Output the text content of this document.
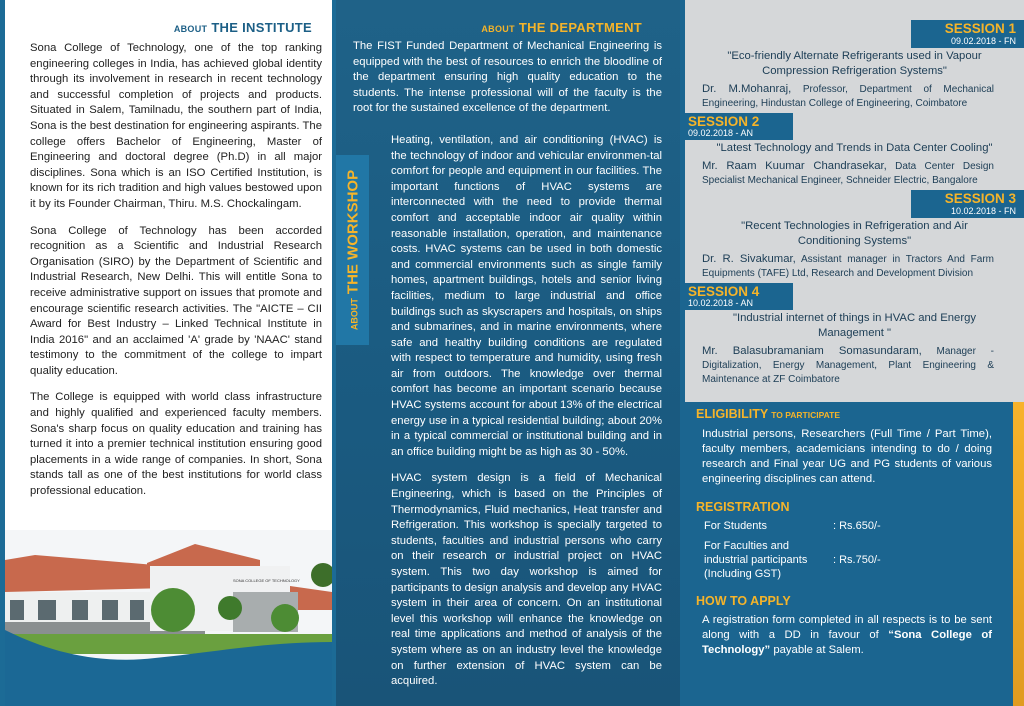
SONA COLLEGE OF TECHNOLOGY
ABOUT THE INSTITUTE

Sona College of Technology, one of the top ranking engineering colleges in India, has achieved global identity through its involvement in research in recent technology and successful completion of projects and products. Situated in Salem, Tamilnadu, the southern part of India, Sona is the best destination for engineering aspirants. The college offers Bachelor of Engineering, Master of Engineering and doctoral degree (Ph.D) in all major disciplines. Sona which is an ISO Certified Institution, is known for its rich tradition and high values bestowed upon it by its Founder Chairman, Thiru. M.S. Chockalingam.

Sona College of Technology has been accorded recognition as a Scientific and Industrial Research Organisation (SIRO) by the Department of Scientific and Industrial Research, New Delhi. This will entitle Sona to receive administrative support on issues that promote and encourage scientific research activities. The "AICTE – CII Award for Best Industry – Linked Technical Institute in India 2016" and an acclaimed 'A' grade by 'NAAC' stand testimony to the commitment of the college to impart quality education.

The College is equipped with world class infrastructure and highly qualified and experienced faculty members. Sona's sharp focus on quality education and training has turned it into a premier technical institution ensuring good placements in a wide range of companies. In short, Sona stands tall as one of the best institutions for world class professional education.

ABOUTTHE WORKSHOP
ABOUT THE DEPARTMENT

The FIST Funded Department of Mechanical Engineering is equipped with the best of resources to enrich the bloodline of the department ensuring high quality education to the students. The intense professional will of the faculty is the root for the sustained excellence of the department.

Heating, ventilation, and air conditioning (HVAC) is the technology of indoor and vehicular environmen-tal comfort for people and equipment in our facilities. The important functions of HVAC systems are interconnected with the need to provide thermal comfort and acceptable indoor air quality within reasonable installation, operation, and maintenance costs. HVAC systems can be used in both domestic and commercial environments such as single family homes, apartment buildings, hotels and senior living facilities, medium to large industrial and office buildings such as skyscrapers and hospitals, on ships and submarines, and in marine environments, where safe and healthy building conditions are regulated with respect to temperature and humidity, using fresh air from outdoors. The knowledge over thermal comfort has become an important scenario because HVAC systems account for about 13% of the electrical energy use in a typical residential building; about 20% in a typical commercial or institutional building and in an office building might be as high as 30 - 50%.

HVAC system design is a field of Mechanical Engineering, which is based on the Principles of Thermodynamics, Fluid mechanics, Heat transfer and Refrigeration. This workshop is specially targeted to students, faculties and industrial persons who carry on their research or industrial project on HVAC system. This two day workshop is aimed for participants to design analysis and develop any HVAC system in their area of concern. On an institutional level this workshop will enhance the knowledge on real time applications and method of analysis of the system where as on an industry level the knowledge on further extension of HVAC system can be acquired.

SESSION 1
09.02.2018 - FN
"Eco-friendly Alternate Refrigerants used in Vapour Compression Refrigeration Systems"
Dr. M.Mohanraj, Professor, Department of Mechanical Engineering, Hindustan College of Engineering, Coimbatore
SESSION 2
09.02.2018 - AN
"Latest Technology and Trends in Data Center Cooling"
Mr. Raam Kuumar Chandrasekar, Data Center Design Specialist Mechanical Engineer, Schneider Electric, Bangalore
SESSION 3
10.02.2018 - FN
"Recent Technologies in Refrigeration and Air Conditioning Systems"
Dr. R. Sivakumar, Assistant manager in Tractors And Farm Equipments (TAFE) Ltd, Research and Development Division
SESSION 4
10.02.2018 - AN
"Industrial internet of things in HVAC and Energy Management "
Mr. Balasubramaniam Somasundaram, Manager - Digitalization, Energy Management, Plant Engineering & Maintenance at ZF Coimbatore
ELIGIBILITY TO PARTICIPATE

Industrial persons, Researchers (Full Time / Part Time), faculty members, academicians intending to do / doing research and Final year UG and PG students of various engineering disciplines can attend.

REGISTRATION
For Students	: Rs.650/-
For Faculties and industrial participants (Including GST)
: Rs.750/-
HOW TO APPLY

A registration form completed in all respects is to be sent along with a DD in favour of “Sona College of Technology” payable at Salem.
